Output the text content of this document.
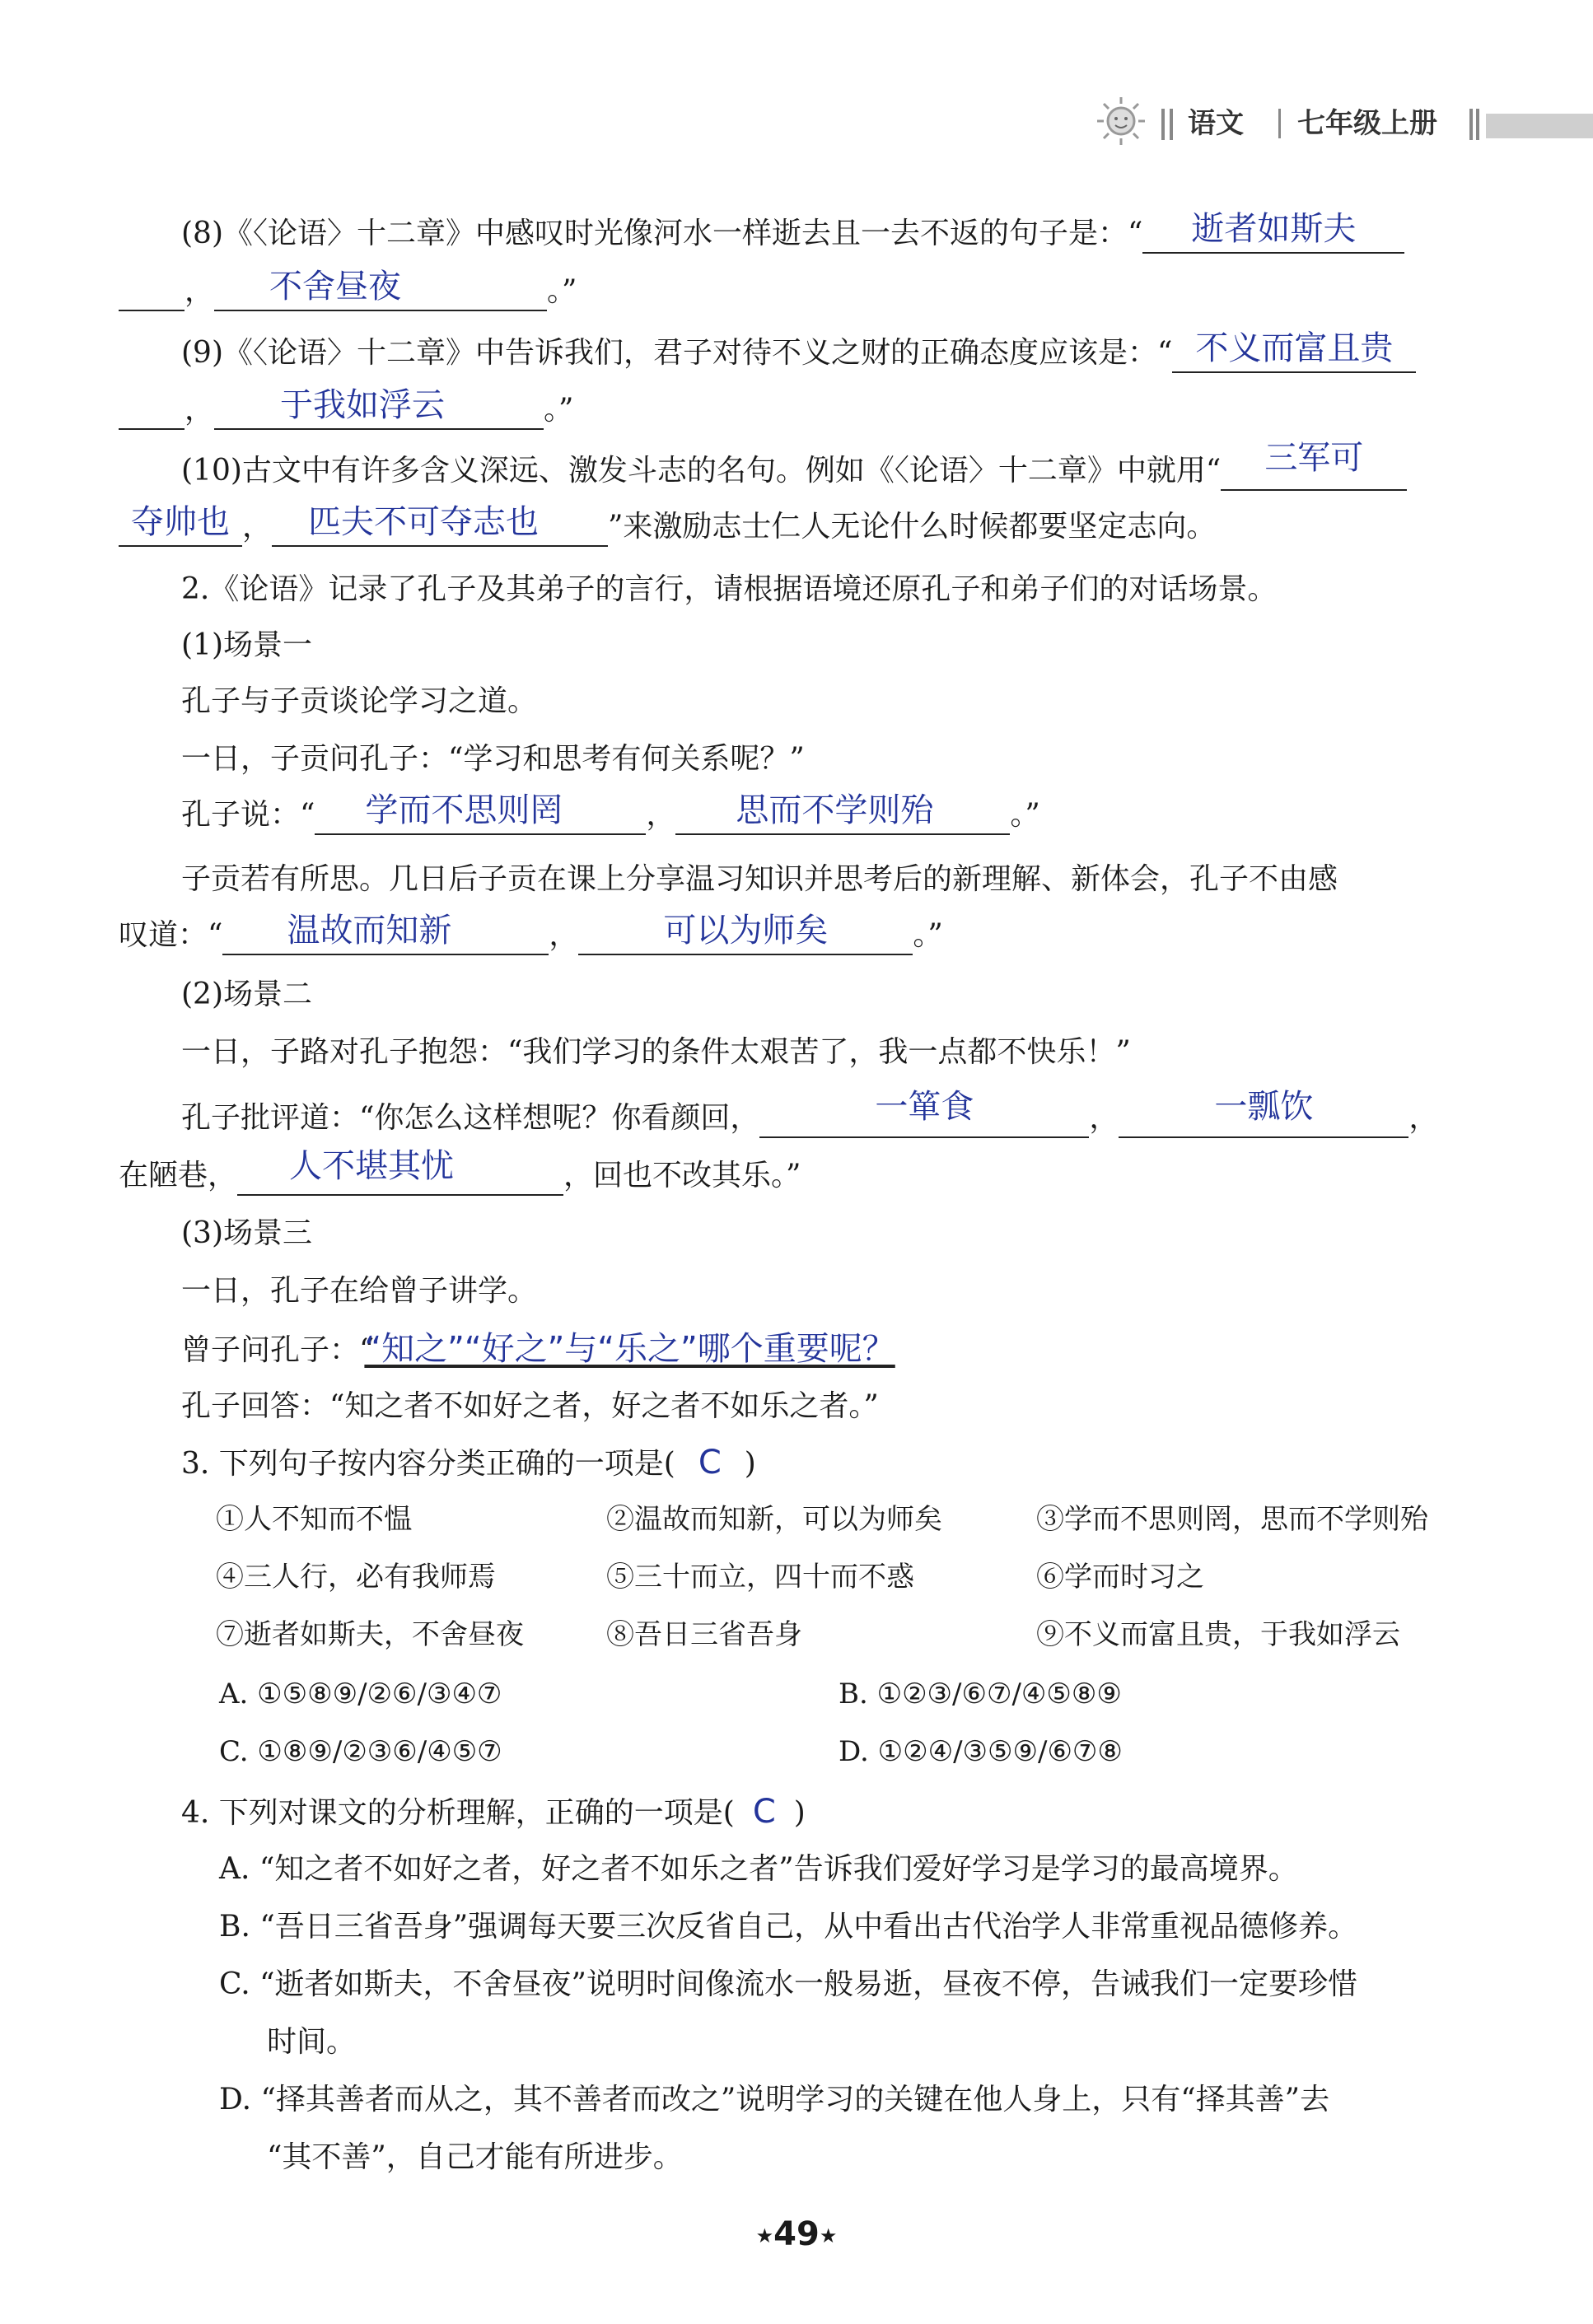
语文 七年级上册
(8)《〈论语〉十二章》中感叹时光像河水一样逝去且一去不返的句子是：“	逝者如斯夫
，	不舍昼夜	。”
(9)《〈论语〉十二章》中告诉我们，君子对待不义之财的正确态度应该是：“ 不义而富且贵
，	于我如浮云	。”
(10)古文中有许多含义深远、激发斗志的名句。例如《〈论语〉十二章》中就用“	三军可
夺帅也 ，	匹夫不可夺志也	”来激励志士仁人无论什么时候都要坚定志向。
2.《论语》记录了孔子及其弟子的言行，请根据语境还原孔子和弟子们的对话场景。
(1)场景一
孔子与子贡谈论学习之道。
一日，子贡问孔子：“学习和思考有何关系呢？”
孔子说：“	学而不思则罔	，	思而不学则殆	。”
子贡若有所思。几日后子贡在课上分享温习知识并思考后的新理解、新体会，孔子不由感
叹道：“	温故而知新	，	可以为师矣	。”
(2)场景二
一日，子路对孔子抱怨：“我们学习的条件太艰苦了，我一点都不快乐！”
孔子批评道：“你怎么这样想呢？你看颜回，	一箪食	，	一瓢饮	，
在陋巷，	人不堪其忧	，回也不改其乐。”
(3)场景三
一日，孔子在给曾子讲学。
曾子问孔子：““知之”“好之”与“乐之”哪个重要呢？
孔子回答：“知之者不如好之者，好之者不如乐之者。”
3. 下列句子按内容分类正确的一项是( C )
①人不知而不愠	②温故而知新，可以为师矣	③学而不思则罔，思而不学则殆
④三人行，必有我师焉	⑤三十而立，四十而不惑	⑥学而时习之
⑦逝者如斯夫，不舍昼夜	⑧吾日三省吾身	⑨不义而富且贵，于我如浮云
A. ①⑤⑧⑨/②⑥/③④⑦	B. ①②③/⑥⑦/④⑤⑧⑨
C. ①⑧⑨/②③⑥/④⑤⑦	D. ①②④/③⑤⑨/⑥⑦⑧
4. 下列对课文的分析理解，正确的一项是( C )
A. “知之者不如好之者，好之者不如乐之者”告诉我们爱好学习是学习的最高境界。
B. “吾日三省吾身”强调每天要三次反省自己，从中看出古代治学人非常重视品德修养。
C. “逝者如斯夫，不舍昼夜”说明时间像流水一般易逝，昼夜不停，告诫我们一定要珍惜
时间。
D. “择其善者而从之，其不善者而改之”说明学习的关键在他人身上，只有“择其善”去
“其不善”，自己才能有所进步。
★49★
